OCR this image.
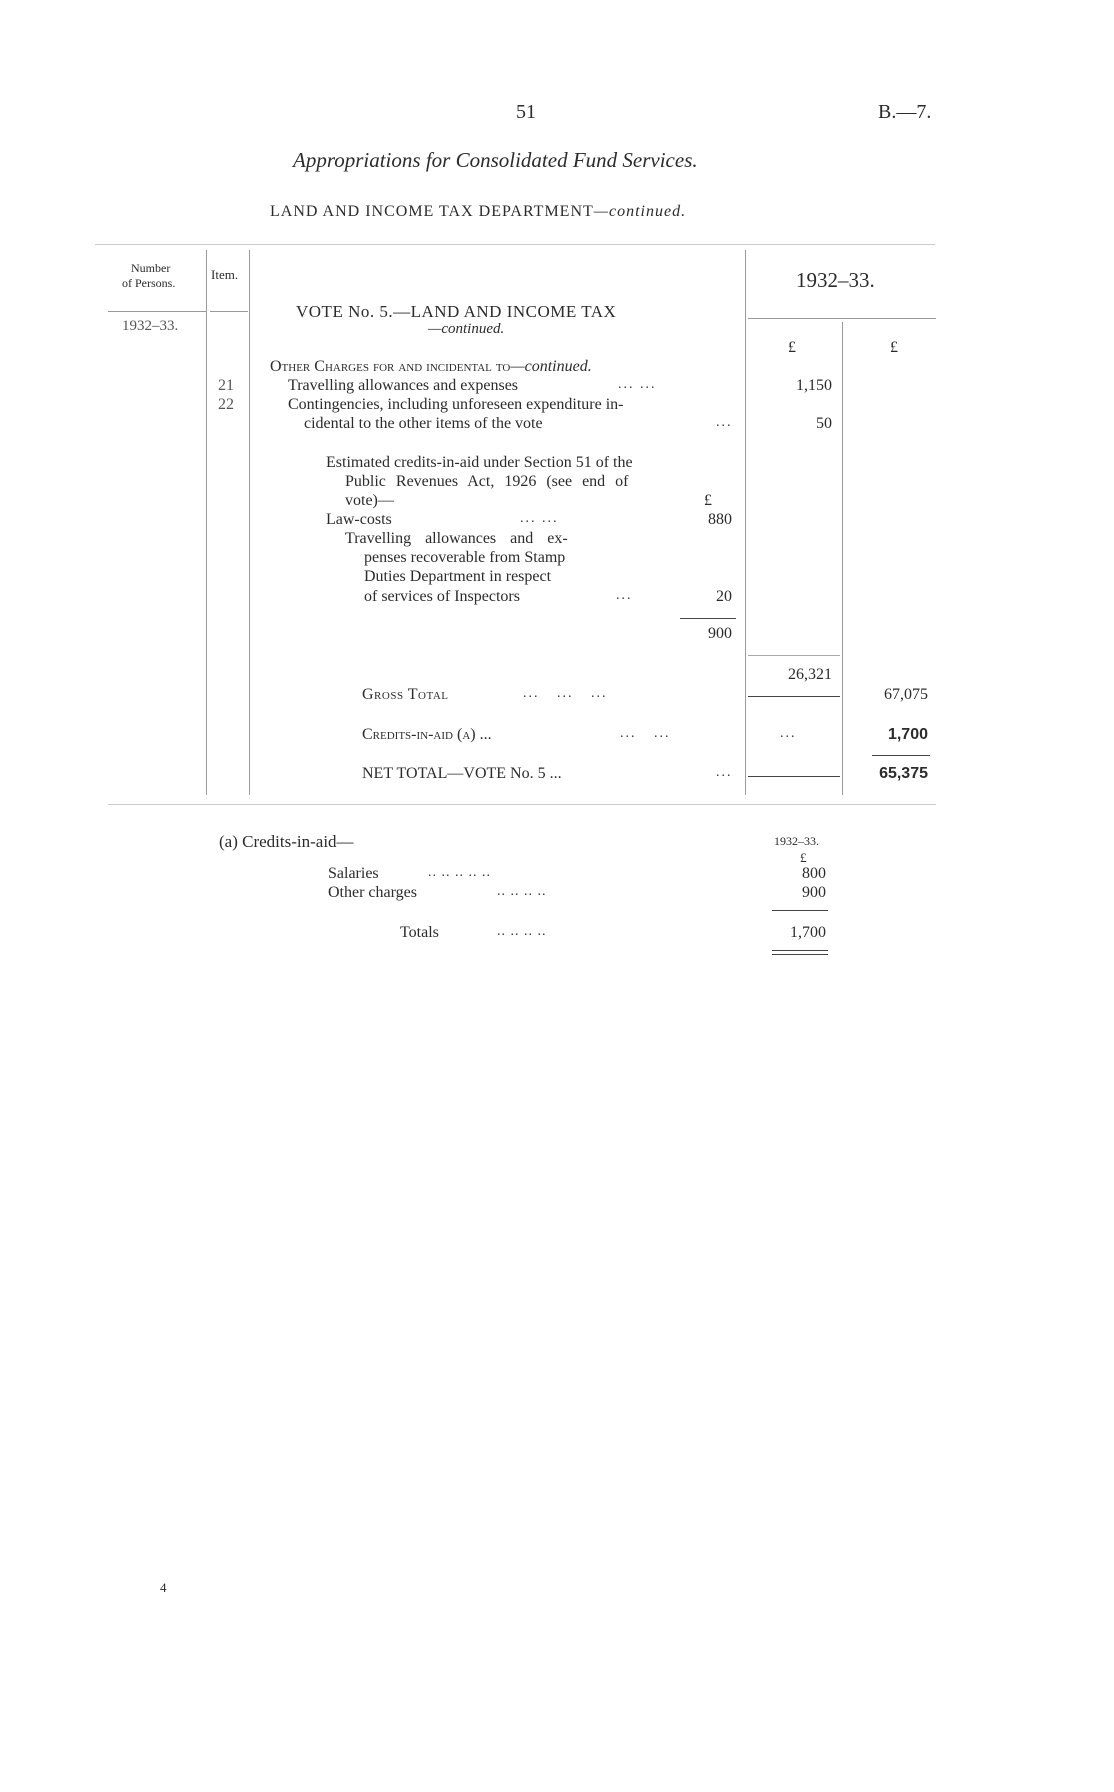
51	B.—7.
Appropriations for Consolidated Fund Services.
LAND AND INCOME TAX DEPARTMENT—continued.
Number
of Persons.
Item.	1932–33.
1932–33.
£	£
VOTE No. 5.—LAND AND INCOME TAX
—continued.
Other Charges for and incidental to—continued.
21	Travelling allowances and expenses	... ...	1,150
22	Contingencies, including unforeseen expenditure in-
cidental to the other items of the vote	...	50
Estimated credits-in-aid under Section 51 of the
Public Revenues Act, 1926 (see end of
vote)—	£
Law-costs	... ...	880
Travelling allowances and ex-
penses recoverable from Stamp
Duties Department in respect
of services of Inspectors	...	20
900
26,321
Gross Total	... ... ...	67,075
Credits-in-aid (a) ...	... ...	...	1,700
NET TOTAL—VOTE No. 5 ...	...	65,375
(a) Credits-in-aid—	1932–33.
£
Salaries	.. .. .. .. ..	800
Other charges	.. .. .. ..	900
Totals	.. .. .. ..	1,700
4
